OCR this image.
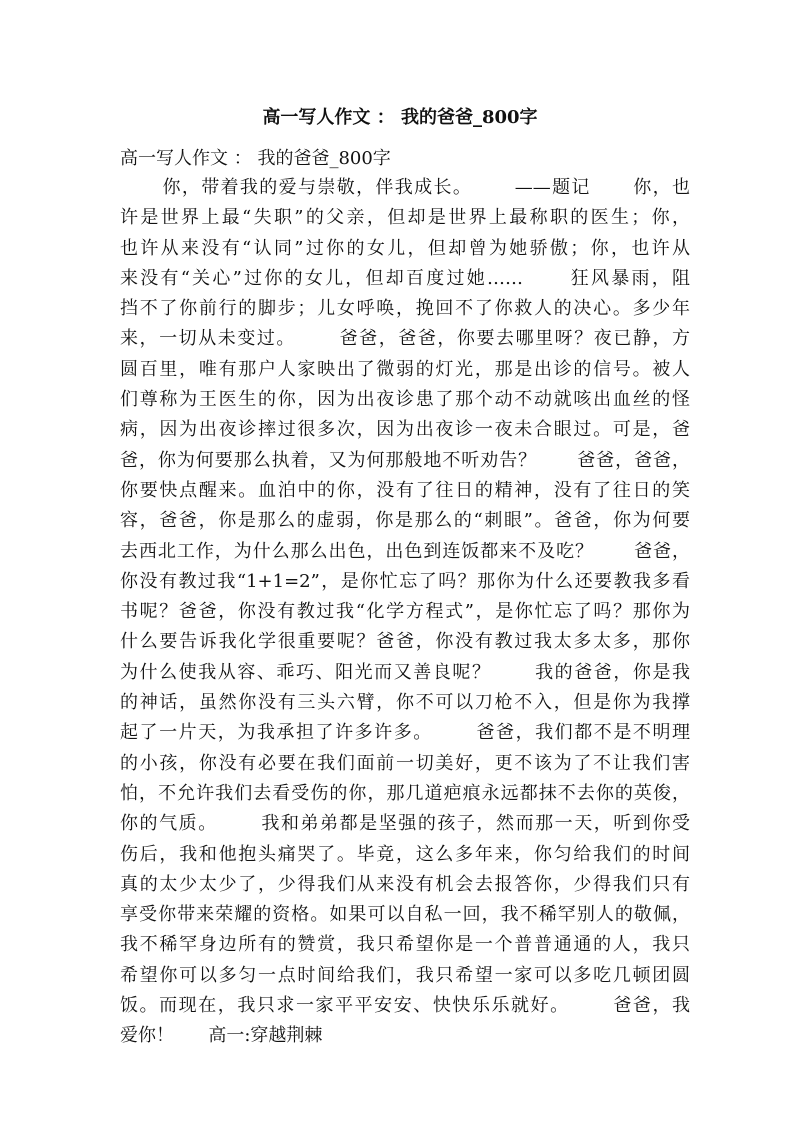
高一写人作文 ： 我的爸爸_800字
高一写人作文 ： 我的爸爸_800字
你，带着我的爱与崇敬，伴我成长。      ——题记      你，也
许是世界上最“失职”的父亲，但却是世界上最称职的医生；你，
也许从来没有“认同”过你的女儿，但却曾为她骄傲；你，也许从
来没有“关心”过你的女儿，但却百度过她……      狂风暴雨，阻
挡不了你前行的脚步；儿女呼唤，挽回不了你救人的决心。多少年
来，一切从未变过。      爸爸，爸爸，你要去哪里呀？夜已静，方
圆百里，唯有那户人家映出了微弱的灯光，那是出诊的信号。被人
们尊称为王医生的你，因为出夜诊患了那个动不动就咳出血丝的怪
病，因为出夜诊摔过很多次，因为出夜诊一夜未合眼过。可是，爸
爸，你为何要那么执着，又为何那般地不听劝告？      爸爸，爸爸，
你要快点醒来。血泊中的你，没有了往日的精神，没有了往日的笑
容，爸爸，你是那么的虚弱，你是那么的“刺眼”。爸爸，你为何要
去西北工作，为什么那么出色，出色到连饭都来不及吃？      爸爸，
你没有教过我“1+1=2”，是你忙忘了吗？那你为什么还要教我多看
书呢？爸爸，你没有教过我“化学方程式”，是你忙忘了吗？那你为
什么要告诉我化学很重要呢？爸爸，你没有教过我太多太多，那你
为什么使我从容、乖巧、阳光而又善良呢？      我的爸爸，你是我
的神话，虽然你没有三头六臂，你不可以刀枪不入，但是你为我撑
起了一片天，为我承担了许多许多。      爸爸，我们都不是不明理
的小孩，你没有必要在我们面前一切美好，更不该为了不让我们害
怕，不允许我们去看受伤的你，那几道疤痕永远都抹不去你的英俊，
你的气质。      我和弟弟都是坚强的孩子，然而那一天，听到你受
伤后，我和他抱头痛哭了。毕竟，这么多年来，你匀给我们的时间
真的太少太少了，少得我们从来没有机会去报答你，少得我们只有
享受你带来荣耀的资格。如果可以自私一回，我不稀罕别人的敬佩，
我不稀罕身边所有的赞赏，我只希望你是一个普普通通的人，我只
希望你可以多匀一点时间给我们，我只希望一家可以多吃几顿团圆
饭。而现在，我只求一家平平安安、快快乐乐就好。      爸爸，我
爱你！      高一:穿越荆棘
